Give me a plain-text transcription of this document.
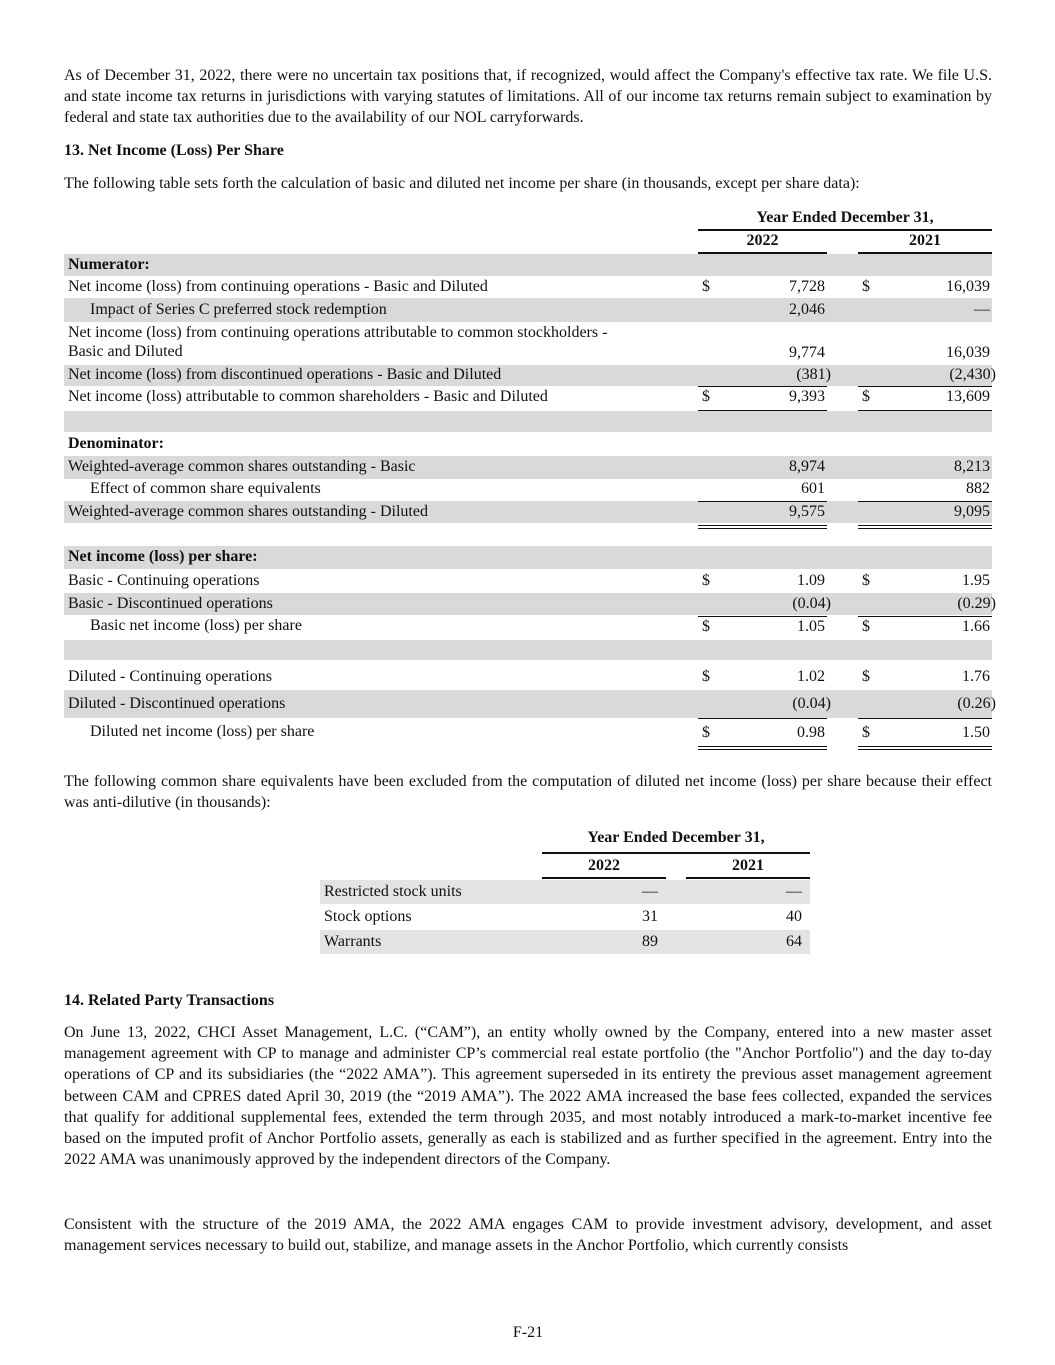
As of December 31, 2022, there were no uncertain tax positions that, if recognized, would affect the Company's effective tax rate. We file U.S. and state income tax returns in jurisdictions with varying statutes of limitations. All of our income tax returns remain subject to examination by federal and state tax authorities due to the availability of our NOL carryforwards.

13. Net Income (Loss) Per Share
The following table sets forth the calculation of basic and diluted net income per share (in thousands, except per share data):
Year Ended December 31,
2022	2021
Numerator:
Net income (loss) from continuing operations - Basic and Diluted	$	7,728 $	16,039
Impact of Series C preferred stock redemption	2,046	—
Net income (loss) from continuing operations attributable to common stockholders -
Basic and Diluted	9,774	16,039
Net income (loss) from discontinued operations - Basic and Diluted	(381)	(2,430)
Net income (loss) attributable to common shareholders - Basic and Diluted	$	9,393 $	13,609
Denominator:
Weighted-average common shares outstanding - Basic	8,974	8,213
Effect of common share equivalents	601	882
Weighted-average common shares outstanding - Diluted	9,575	9,095
Net income (loss) per share:
Basic - Continuing operations	$	1.09 $	1.95
Basic - Discontinued operations	(0.04)	(0.29)
Basic net income (loss) per share	$	1.05 $	1.66
Diluted - Continuing operations	$	1.02 $	1.76
Diluted - Discontinued operations	(0.04)	(0.26)
Diluted net income (loss) per share	$	0.98 $	1.50

The following common share equivalents have been excluded from the computation of diluted net income (loss) per share because their effect was anti-dilutive (in thousands):

Year Ended December 31,
2022	2021
Restricted stock units	—	—
Stock options	31	40
Warrants	89	64
14. Related Party Transactions

On June 13, 2022, CHCI Asset Management, L.C. (“CAM”), an entity wholly owned by the Company, entered into a new master asset management agreement with CP to manage and administer CP’s commercial real estate portfolio (the "Anchor Portfolio") and the day to-day operations of CP and its subsidiaries (the “2022 AMA”). This agreement superseded in its entirety the previous asset management agreement between CAM and CPRES dated April 30, 2019 (the “2019 AMA”). The 2022 AMA increased the base fees collected, expanded the services that qualify for additional supplemental fees, extended the term through 2035, and most notably introduced a mark-to-market incentive fee based on the imputed profit of Anchor Portfolio assets, generally as each is stabilized and as further specified in the agreement. Entry into the 2022 AMA was unanimously approved by the independent directors of the Company.

Consistent with the structure of the 2019 AMA, the 2022 AMA engages CAM to provide investment advisory, development, and asset management services necessary to build out, stabilize, and manage assets in the Anchor Portfolio, which currently consists

F-21
